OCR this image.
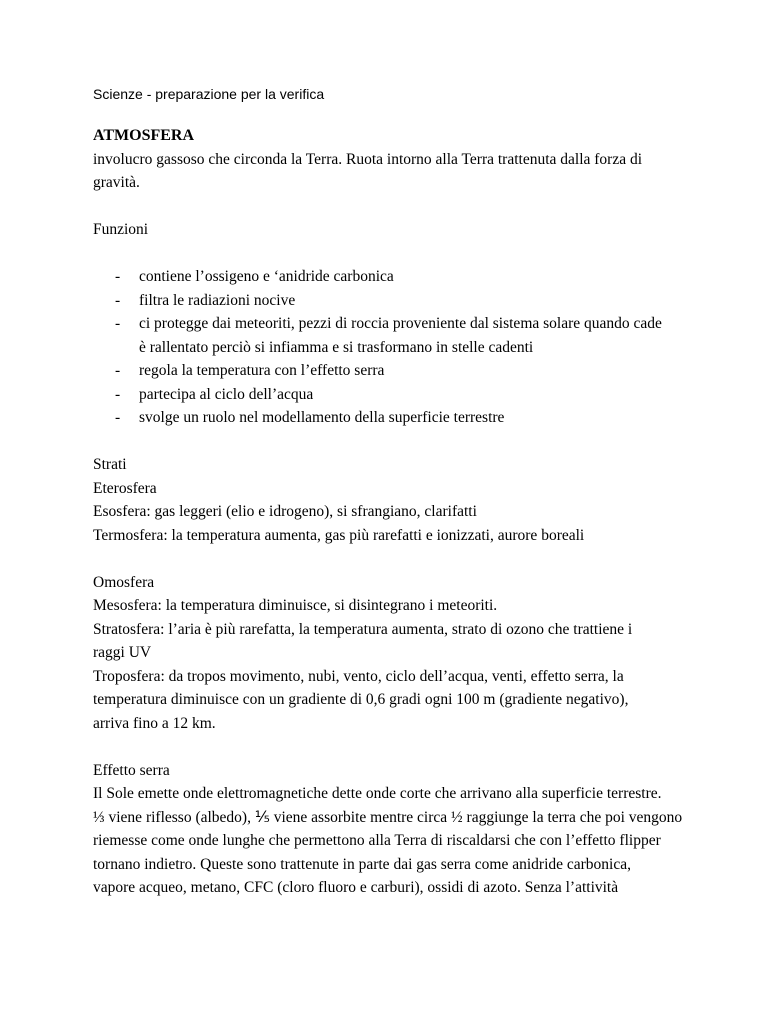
Scienze - preparazione per la verifica

ATMOSFERA

involucro gassoso che circonda la Terra. Ruota intorno alla Terra trattenuta dalla forza di

gravità.

Funzioni

- contiene l’ossigeno e ‘anidride carbonica
- filtra le radiazioni nocive
- ci protegge dai meteoriti, pezzi di roccia proveniente dal sistema solare quando cade
è rallentato perciò si infiamma e si trasformano in stelle cadenti
- regola la temperatura con l’effetto serra
- partecipa al ciclo dell’acqua
- svolge un ruolo nel modellamento della superficie terrestre

Strati

Eterosfera

Esosfera: gas leggeri (elio e idrogeno), si sfrangiano, clarifatti

Termosfera: la temperatura aumenta, gas più rarefatti e ionizzati, aurore boreali

Omosfera

Mesosfera: la temperatura diminuisce, si disintegrano i meteoriti.

Stratosfera: l’aria è più rarefatta, la temperatura aumenta, strato di ozono che trattiene i

raggi UV

Troposfera: da tropos movimento, nubi, vento, ciclo dell’acqua, venti, effetto serra, la

temperatura diminuisce con un gradiente di 0,6 gradi ogni 100 m (gradiente negativo),

arriva fino a 12 km.

Effetto serra

Il Sole emette onde elettromagnetiche dette onde corte che arrivano alla superficie terrestre.

⅓ viene riflesso (albedo), ⅕ viene assorbite mentre circa ½ raggiunge la terra che poi vengono

riemesse come onde lunghe che permettono alla Terra di riscaldarsi che con l’effetto flipper

tornano indietro. Queste sono trattenute in parte dai gas serra come anidride carbonica,

vapore acqueo, metano, CFC (cloro fluoro e carburi), ossidi di azoto. Senza l’attività
